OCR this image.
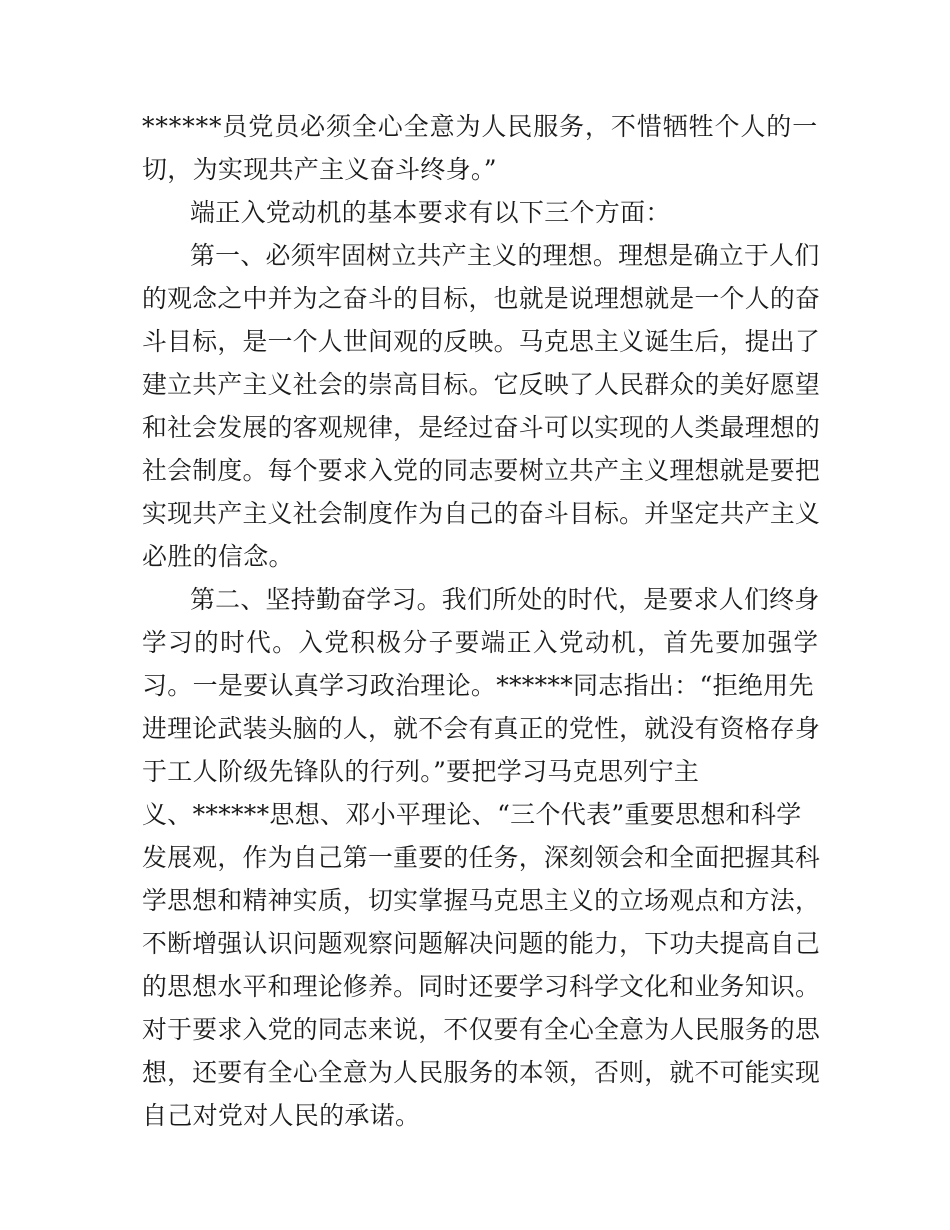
******员党员必须全心全意为人民服务，不惜牺牲个人的一
切，为实现共产主义奋斗终身。”
端正入党动机的基本要求有以下三个方面：
第一、必须牢固树立共产主义的理想。理想是确立于人们
的观念之中并为之奋斗的目标，也就是说理想就是一个人的奋
斗目标，是一个人世间观的反映。马克思主义诞生后，提出了
建立共产主义社会的崇高目标。它反映了人民群众的美好愿望
和社会发展的客观规律，是经过奋斗可以实现的人类最理想的
社会制度。每个要求入党的同志要树立共产主义理想就是要把
实现共产主义社会制度作为自己的奋斗目标。并坚定共产主义
必胜的信念。
第二、坚持勤奋学习。我们所处的时代，是要求人们终身
学习的时代。入党积极分子要端正入党动机，首先要加强学
习。一是要认真学习政治理论。******同志指出：“拒绝用先
进理论武装头脑的人，就不会有真正的党性，就没有资格存身
于工人阶级先锋队的行列。”要把学习马克思列宁主
义、******思想、邓小平理论、“三个代表”重要思想和科学
发展观，作为自己第一重要的任务，深刻领会和全面把握其科
学思想和精神实质，切实掌握马克思主义的立场观点和方法，
不断增强认识问题观察问题解决问题的能力，下功夫提高自己
的思想水平和理论修养。同时还要学习科学文化和业务知识。
对于要求入党的同志来说，不仅要有全心全意为人民服务的思
想，还要有全心全意为人民服务的本领，否则，就不可能实现
自己对党对人民的承诺。
